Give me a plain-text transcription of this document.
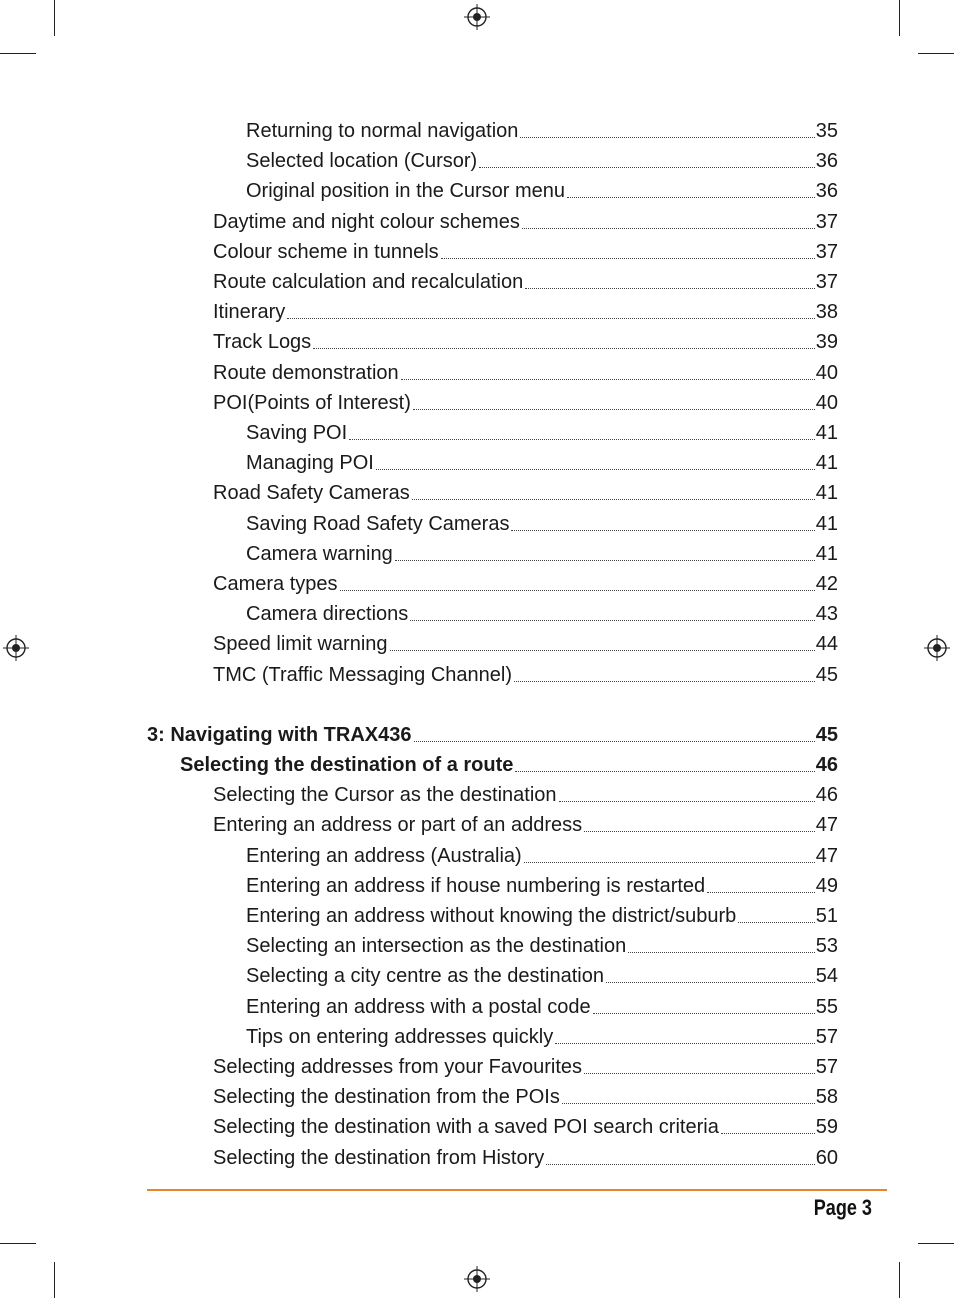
Returning to normal navigation	35
Selected location (Cursor)	36
Original position in the Cursor menu	36
Daytime and night colour schemes	37
Colour scheme in tunnels	37
Route calculation and recalculation	37
Itinerary	38
Track Logs	39
Route demonstration	40
POI(Points of Interest)	40
Saving POI	41
Managing POI	41
Road Safety Cameras	41
Saving Road Safety Cameras	41
Camera warning	41
Camera types	42
Camera directions	43
Speed limit warning	44
TMC (Traffic Messaging Channel)	45
3: Navigating with TRAX436	45
Selecting the destination of a route	46
Selecting the Cursor as the destination	46
Entering an address or part of an address	47
Entering an address (Australia)	47
Entering an address if house numbering is restarted	49
Entering an address without knowing the district/suburb	51
Selecting an intersection as the destination	53
Selecting a city centre as the destination	54
Entering an address with a postal code	55
Tips on entering addresses quickly	57
Selecting addresses from your Favourites	57
Selecting the destination from the POIs	58
Selecting the destination with a saved POI search criteria	59
Selecting the destination from History	60
Page 3
